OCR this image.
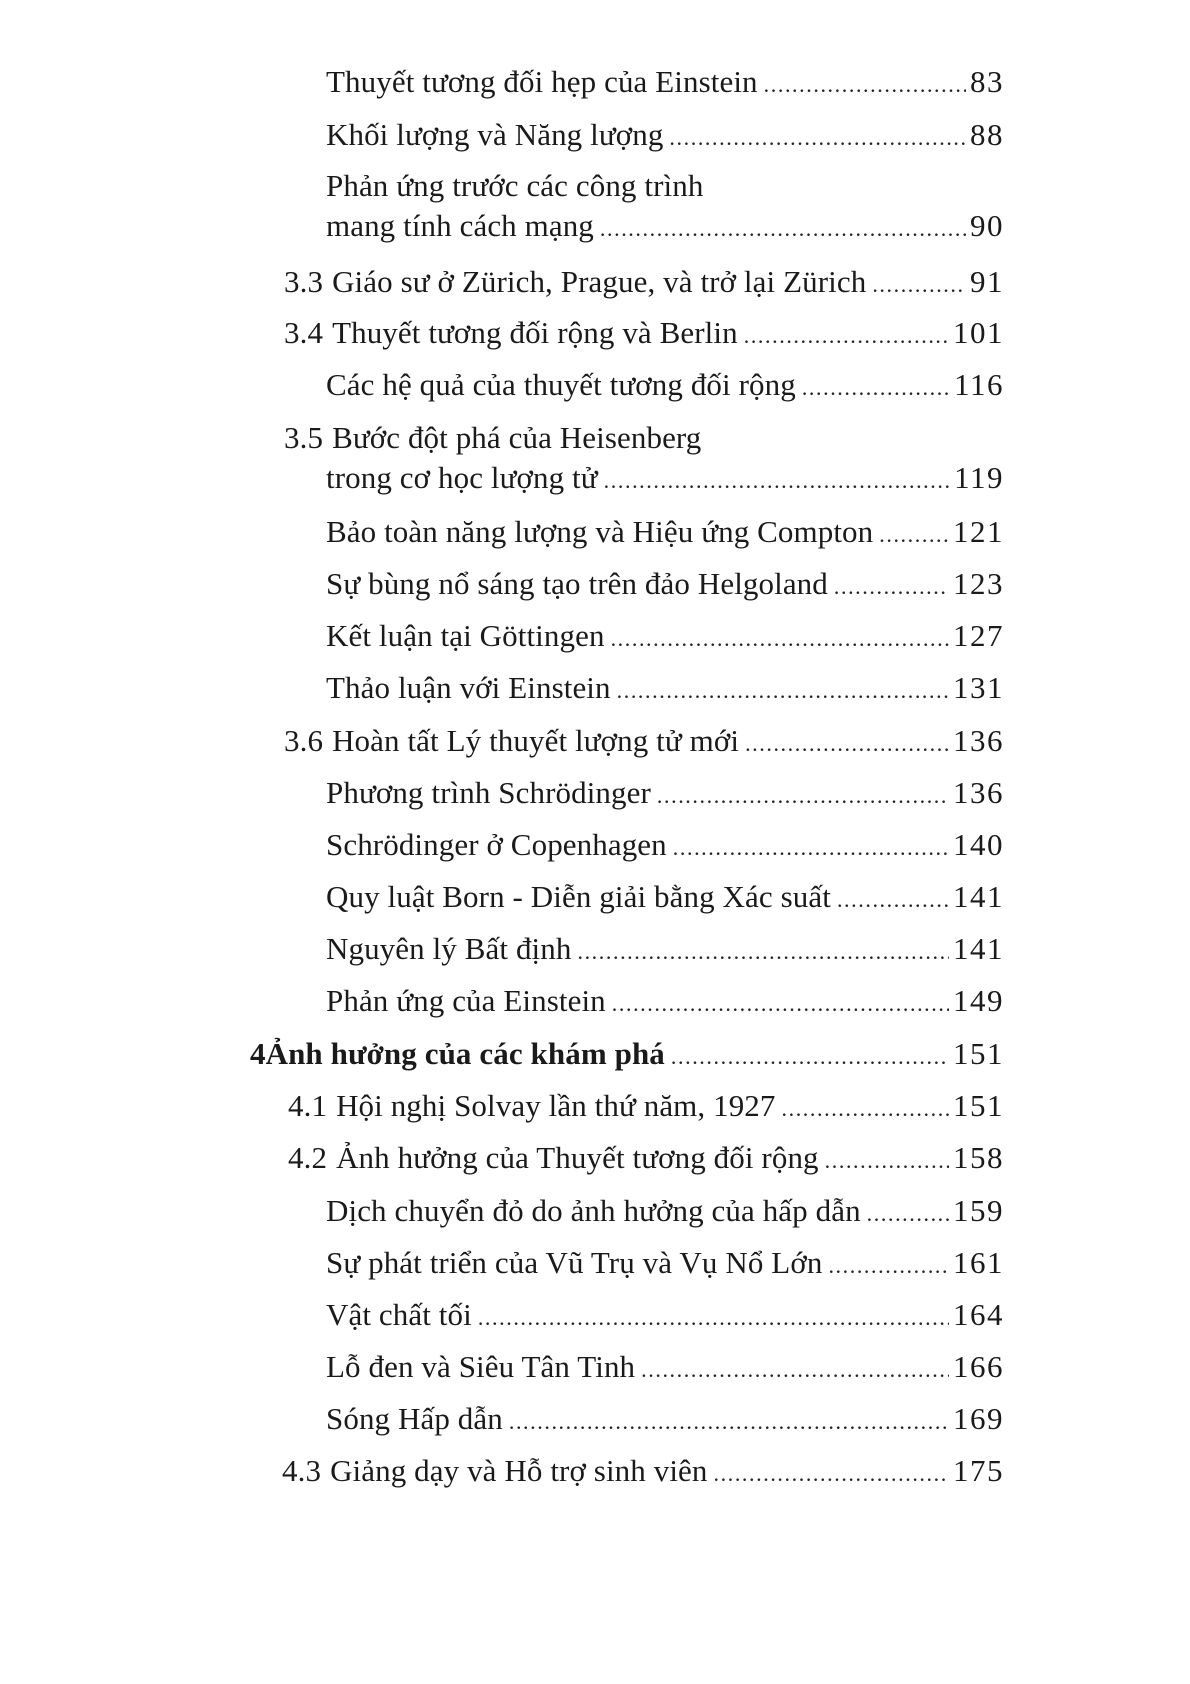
Thuyết tương đối hẹp của Einstein .....	83
Khối lượng và Năng lượng .....	88
Phản ứng trước các công trình
mang tính cách mạng .....	90
3.3 Giáo sư ở Zürich, Prague, và trở lại Zürich .....	91
3.4 Thuyết tương đối rộng và Berlin .....	101
Các hệ quả của thuyết tương đối rộng .....	116
3.5 Bước đột phá của Heisenberg
trong cơ học lượng tử .....	119
Bảo toàn năng lượng và Hiệu ứng Compton .....	121
Sự bùng nổ sáng tạo trên đảo Helgoland .....	123
Kết luận tại Göttingen .....	127
Thảo luận với Einstein .....	131
3.6 Hoàn tất Lý thuyết lượng tử mới .....	136
Phương trình Schrödinger .....	136
Schrödinger ở Copenhagen .....	140
Quy luật Born - Diễn giải bằng Xác suất .....	141
Nguyên lý Bất định .....	141
Phản ứng của Einstein .....	149
4 Ảnh hưởng của các khám phá .....	151
4.1 Hội nghị Solvay lần thứ năm, 1927 .....	151
4.2 Ảnh hưởng của Thuyết tương đối rộng .....	158
Dịch chuyển đỏ do ảnh hưởng của hấp dẫn .....	159
Sự phát triển của Vũ Trụ và Vụ Nổ Lớn .....	161
Vật chất tối .....	164
Lỗ đen và Siêu Tân Tinh .....	166
Sóng Hấp dẫn .....	169
4.3 Giảng dạy và Hỗ trợ sinh viên .....	175
